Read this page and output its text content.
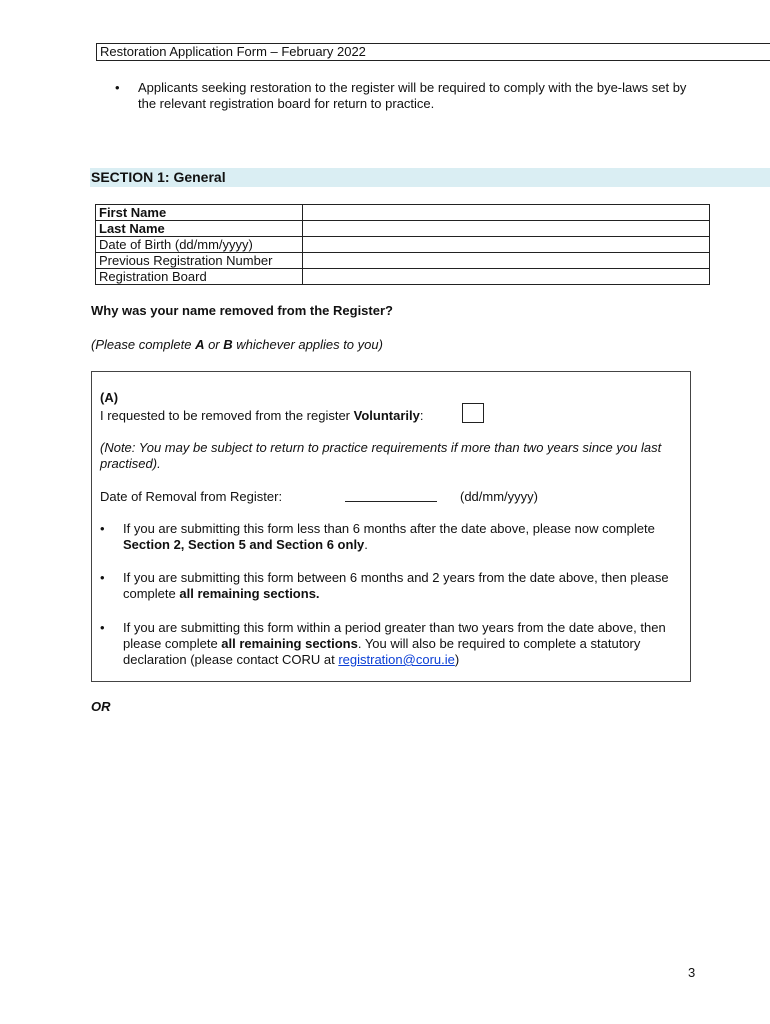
Restoration Application Form – February 2022
• Applicants seeking restoration to the register will be required to comply with the bye-laws set by the relevant registration board for return to practice.
SECTION 1: General
First Name	
Last Name	
Date of Birth (dd/mm/yyyy)	
Previous Registration Number	
Registration Board	
Why was your name removed from the Register?
(Please complete A or B whichever applies to you)
(A)
I requested to be removed from the register Voluntarily:
(Note: You may be subject to return to practice requirements if more than two years since you last practised).
Date of Removal from Register:	(dd/mm/yyyy)
• If you are submitting this form less than 6 months after the date above, please now complete Section 2, Section 5 and Section 6 only.
• If you are submitting this form between 6 months and 2 years from the date above, then please complete all remaining sections.
• If you are submitting this form within a period greater than two years from the date above, then please complete all remaining sections. You will also be required to complete a statutory declaration (please contact CORU at registration@coru.ie)
OR
3
